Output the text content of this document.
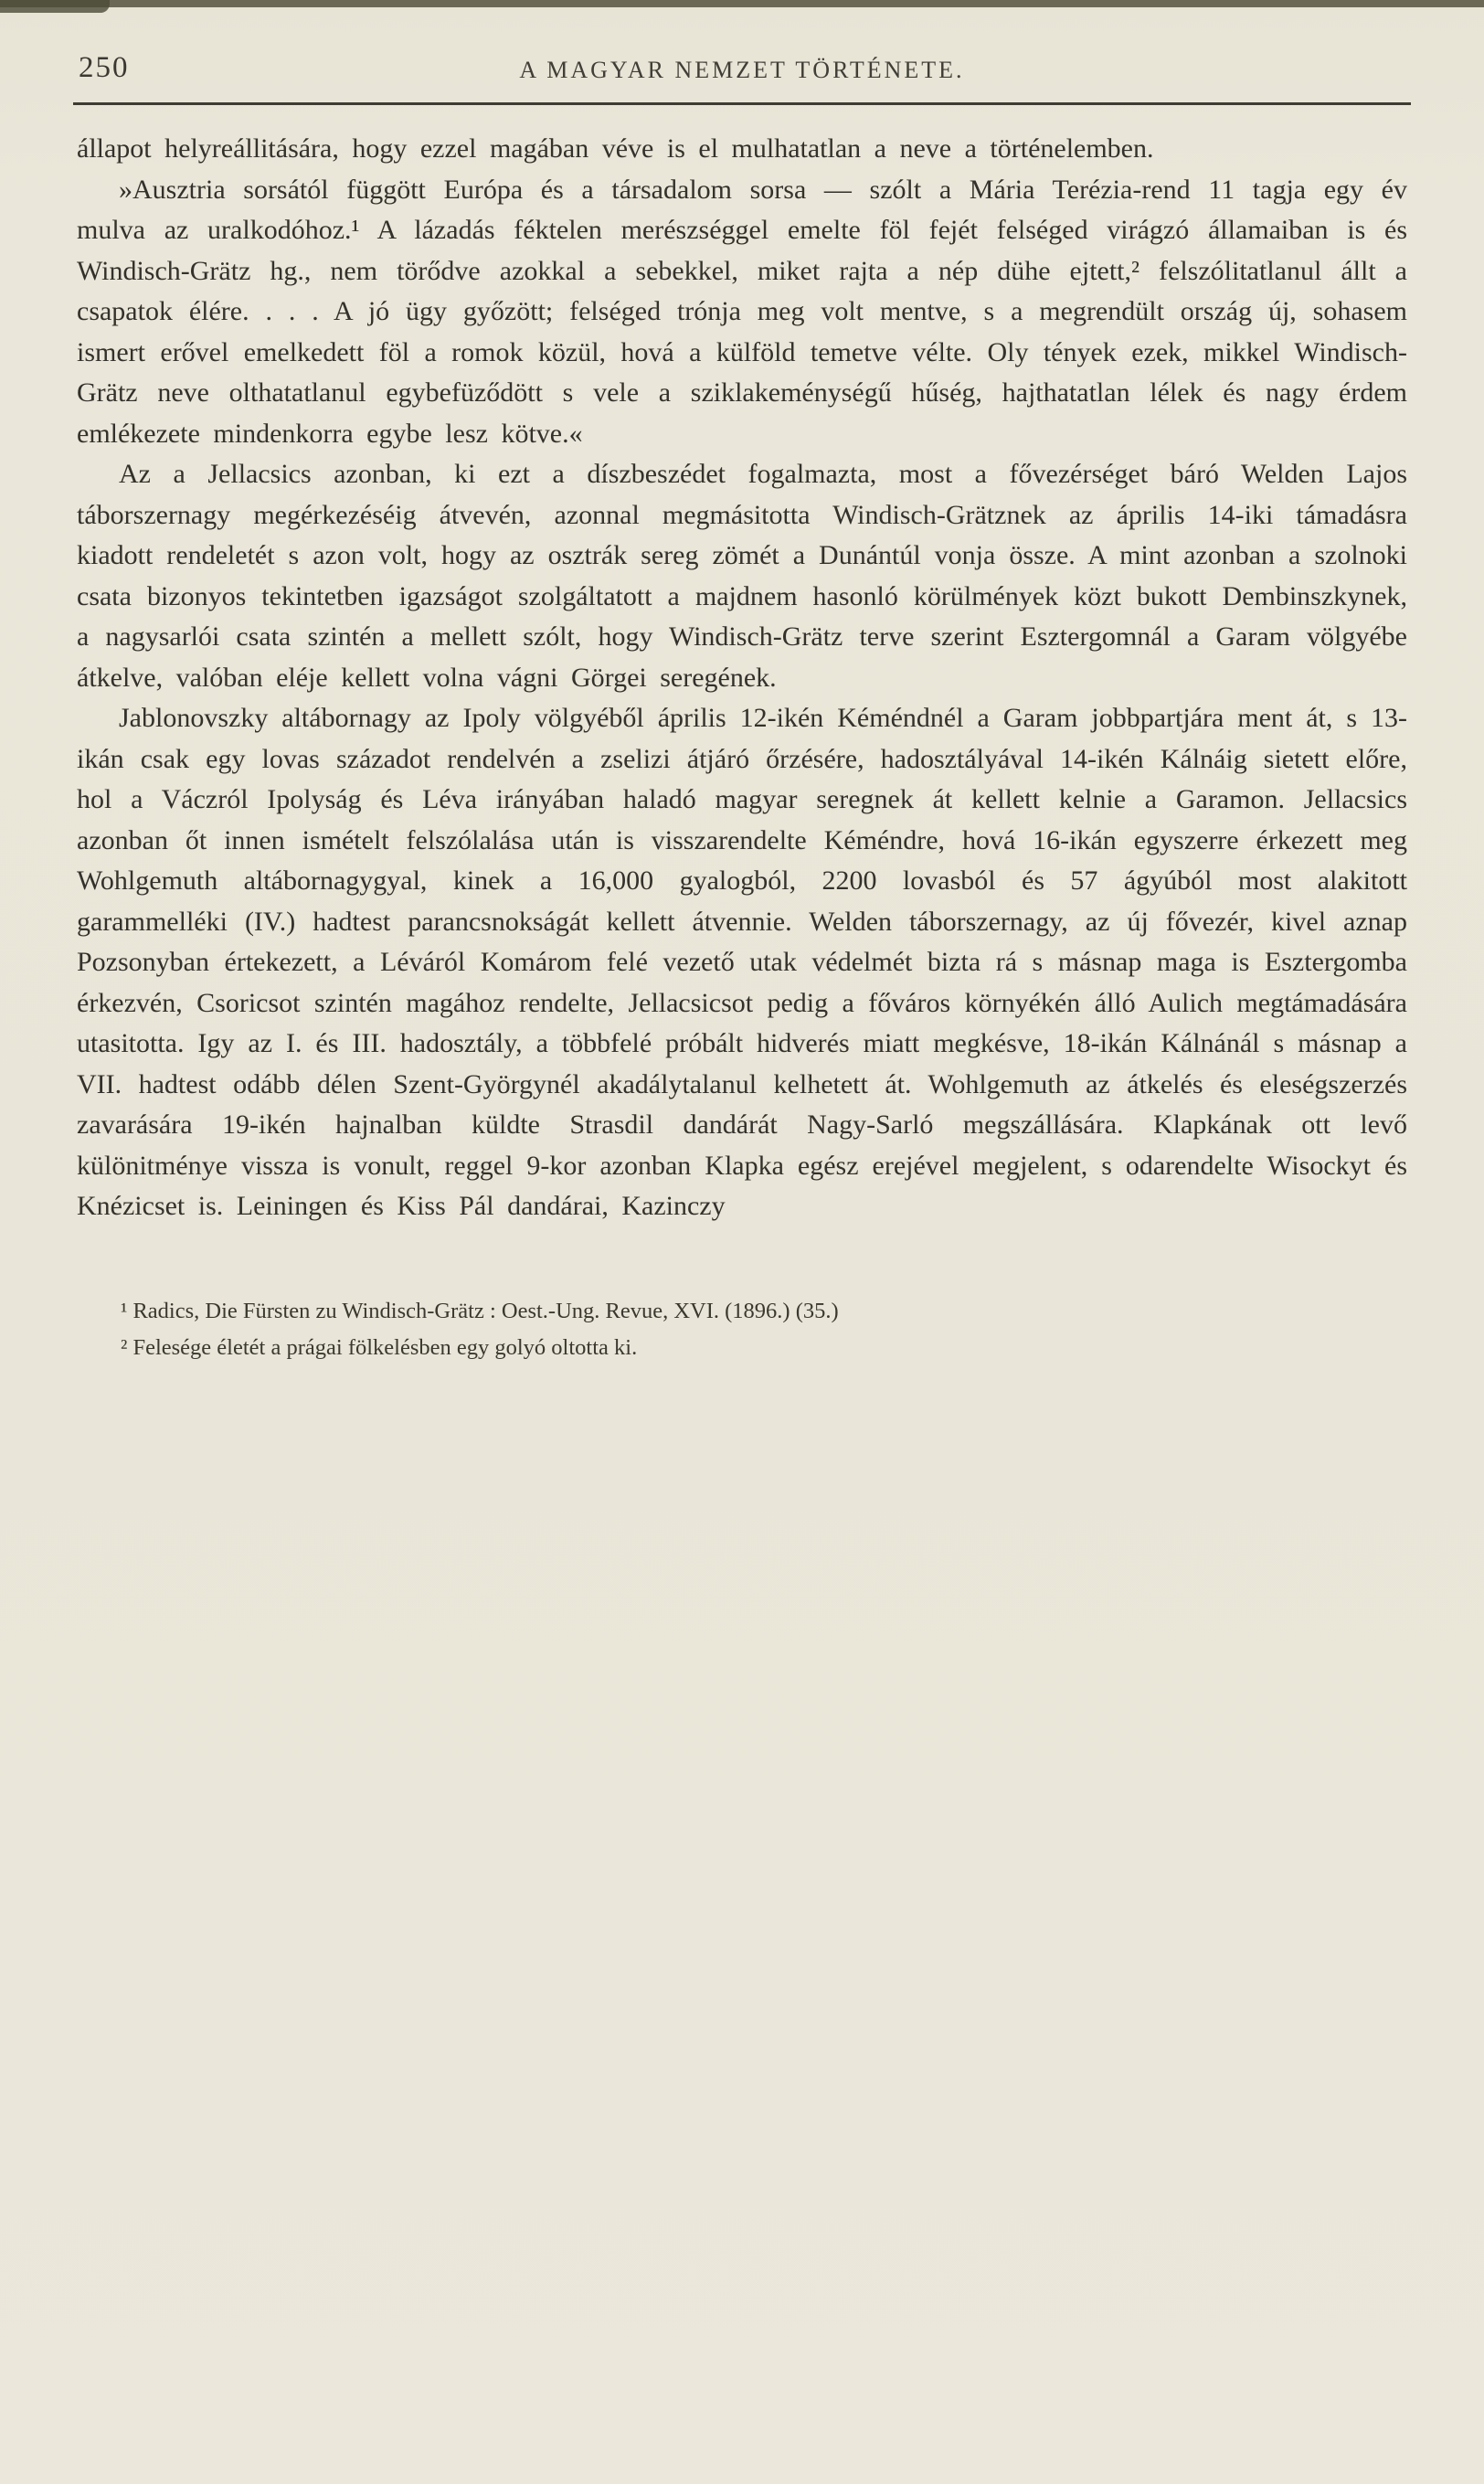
250	A MAGYAR NEMZET TÖRTÉNETE.

állapot helyreállitására, hogy ezzel magában véve is el mulhatatlan a neve a történelemben.

»Ausztria sorsától függött Európa és a társadalom sorsa — szólt a Mária Terézia-rend 11 tagja egy év mulva az uralkodóhoz.¹ A lázadás féktelen merészséggel emelte föl fejét felséged virágzó államaiban is és Windisch-Grätz hg., nem törődve azokkal a sebekkel, miket rajta a nép dühe ejtett,² felszólitatlanul állt a csapatok élére. . . . A jó ügy győzött; felséged trónja meg volt mentve, s a megrendült ország új, sohasem ismert erővel emelkedett föl a romok közül, hová a külföld temetve vélte. Oly tények ezek, mikkel Windisch-Grätz neve olthatatlanul egybefüződött s vele a sziklakeménységű hűség, hajthatatlan lélek és nagy érdem emlékezete mindenkorra egybe lesz kötve.«

Az a Jellacsics azonban, ki ezt a díszbeszédet fogalmazta, most a fővezérséget báró Welden Lajos táborszernagy megérkezéséig átvevén, azonnal megmásitotta Windisch-Grätznek az április 14-iki támadásra kiadott rendeletét s azon volt, hogy az osztrák sereg zömét a Dunántúl vonja össze. A mint azonban a szolnoki csata bizonyos tekintetben igazságot szolgáltatott a majdnem hasonló körülmények közt bukott Dembinszkynek, a nagysarlói csata szintén a mellett szólt, hogy Windisch-Grätz terve szerint Esztergomnál a Garam völgyébe átkelve, valóban eléje kellett volna vágni Görgei seregének.

Jablonovszky altábornagy az Ipoly völgyéből április 12-ikén Kéméndnél a Garam jobbpartjára ment át, s 13-ikán csak egy lovas századot rendelvén a zselizi átjáró őrzésére, hadosztályával 14-ikén Kálnáig sietett előre, hol a Váczról Ipolyság és Léva irányában haladó magyar seregnek át kellett kelnie a Garamon. Jellacsics azonban őt innen ismételt felszólalása után is visszarendelte Kéméndre, hová 16-ikán egyszerre érkezett meg Wohlgemuth altábornagygyal, kinek a 16,000 gyalogból, 2200 lovasból és 57 ágyúból most alakitott garammelléki (IV.) hadtest parancsnokságát kellett átvennie. Welden táborszernagy, az új fővezér, kivel aznap Pozsonyban értekezett, a Léváról Komárom felé vezető utak védelmét bizta rá s másnap maga is Esztergomba érkezvén, Csoricsot szintén magához rendelte, Jellacsicsot pedig a főváros környékén álló Aulich megtámadására utasitotta. Igy az I. és III. hadosztály, a többfelé próbált hidverés miatt megkésve, 18-ikán Kálnánál s másnap a VII. hadtest odább délen Szent-Györgynél akadálytalanul kelhetett át. Wohlgemuth az átkelés és eleségszerzés zavarására 19-ikén hajnalban küldte Strasdil dandárát Nagy-Sarló megszállására. Klapkának ott levő különitménye vissza is vonult, reggel 9-kor azonban Klapka egész erejével megjelent, s odarendelte Wisockyt és Knézicset is. Leiningen és Kiss Pál dandárai, Kazinczy

¹ Radics, Die Fürsten zu Windisch-Grätz : Oest.-Ung. Revue, XVI. (1896.) (35.)

² Felesége életét a prágai fölkelésben egy golyó oltotta ki.
